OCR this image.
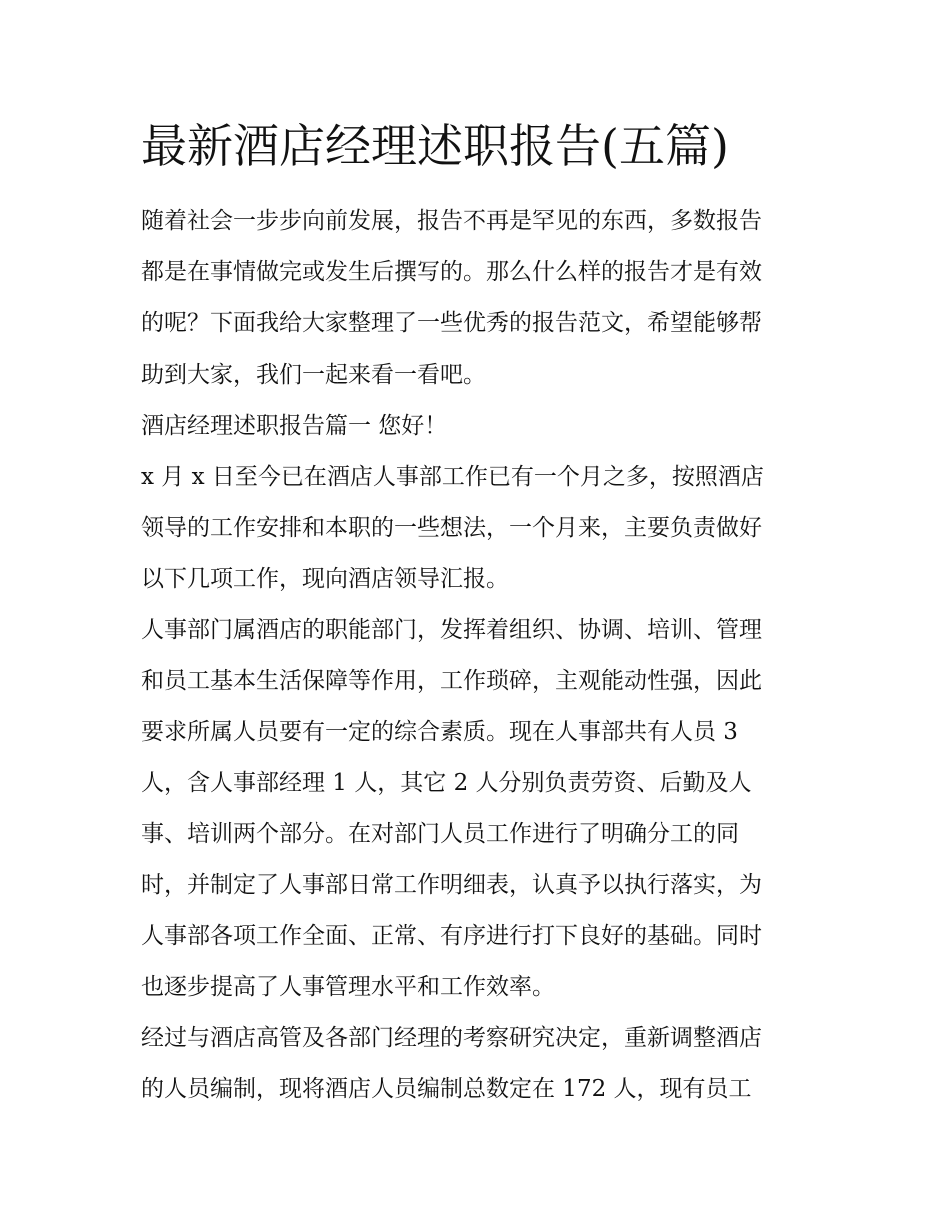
最新酒店经理述职报告(五篇)
随着社会一步步向前发展，报告不再是罕见的东西，多数报告
都是在事情做完或发生后撰写的。那么什么样的报告才是有效
的呢？下面我给大家整理了一些优秀的报告范文，希望能够帮
助到大家，我们一起来看一看吧。
酒店经理述职报告篇一 您好！
x 月 x 日至今已在酒店人事部工作已有一个月之多，按照酒店
领导的工作安排和本职的一些想法，一个月来，主要负责做好
以下几项工作，现向酒店领导汇报。
人事部门属酒店的职能部门，发挥着组织、协调、培训、管理
和员工基本生活保障等作用，工作琐碎，主观能动性强，因此
要求所属人员要有一定的综合素质。现在人事部共有人员 3
人，含人事部经理 1 人，其它 2 人分别负责劳资、后勤及人
事、培训两个部分。在对部门人员工作进行了明确分工的同
时，并制定了人事部日常工作明细表，认真予以执行落实，为
人事部各项工作全面、正常、有序进行打下良好的基础。同时
也逐步提高了人事管理水平和工作效率。
经过与酒店高管及各部门经理的考察研究决定，重新调整酒店
的人员编制，现将酒店人员编制总数定在 172 人，现有员工
